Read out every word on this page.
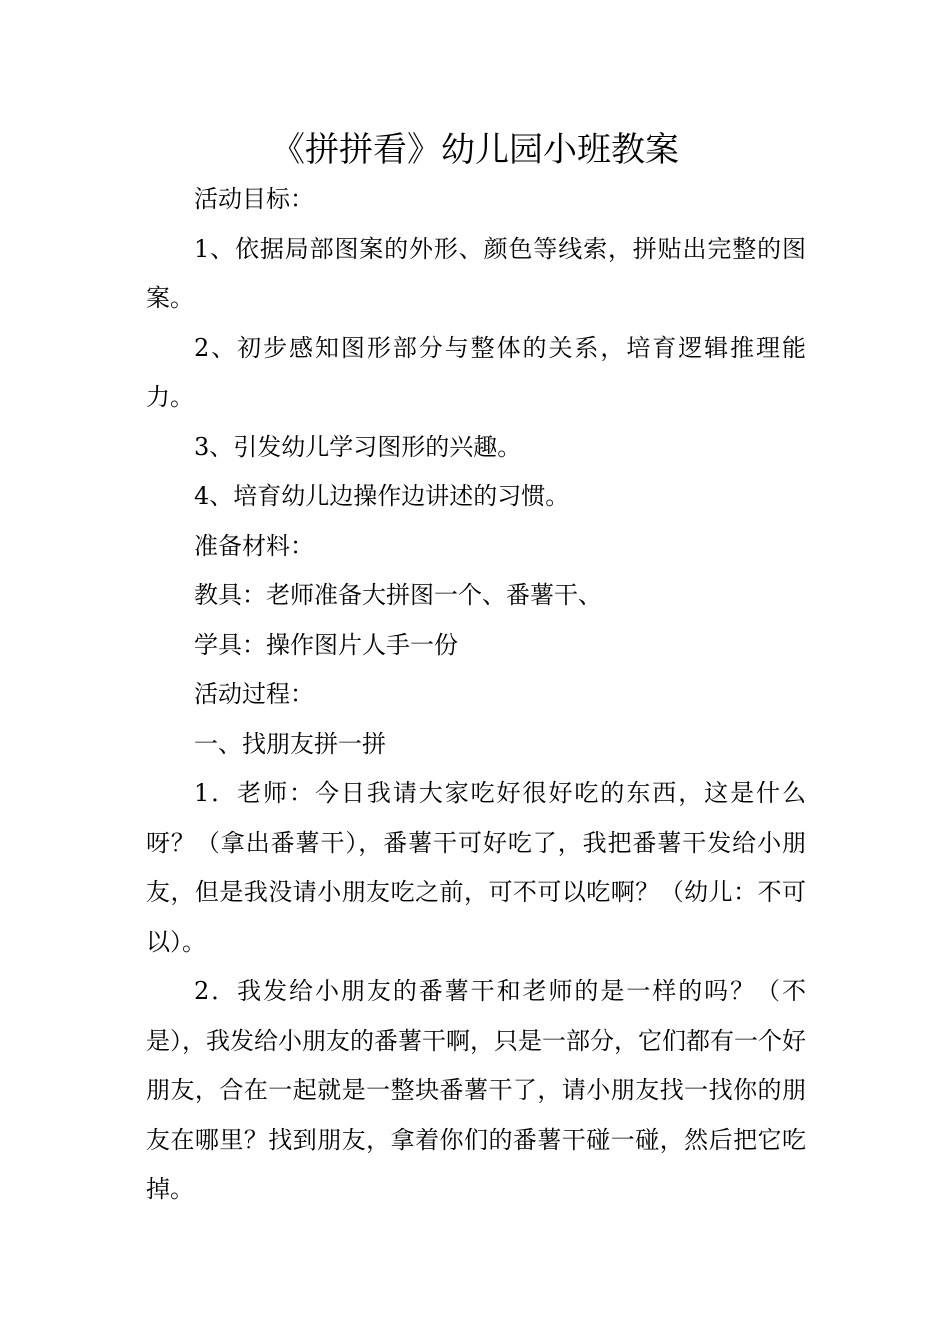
《拼拼看》幼儿园小班教案

活动目标：

1、依据局部图案的外形、颜色等线索，拼贴出完整的图案。

2、初步感知图形部分与整体的关系，培育逻辑推理能力。

3、引发幼儿学习图形的兴趣。

4、培育幼儿边操作边讲述的习惯。

准备材料：

教具：老师准备大拼图一个、番薯干、

学具：操作图片人手一份

活动过程：

一、找朋友拼一拼

1．老师：今日我请大家吃好很好吃的东西，这是什么呀？（拿出番薯干），番薯干可好吃了，我把番薯干发给小朋友，但是我没请小朋友吃之前，可不可以吃啊？（幼儿：不可以）。

2．我发给小朋友的番薯干和老师的是一样的吗？（不是），我发给小朋友的番薯干啊，只是一部分，它们都有一个好朋友，合在一起就是一整块番薯干了，请小朋友找一找你的朋友在哪里？找到朋友，拿着你们的番薯干碰一碰，然后把它吃掉。
